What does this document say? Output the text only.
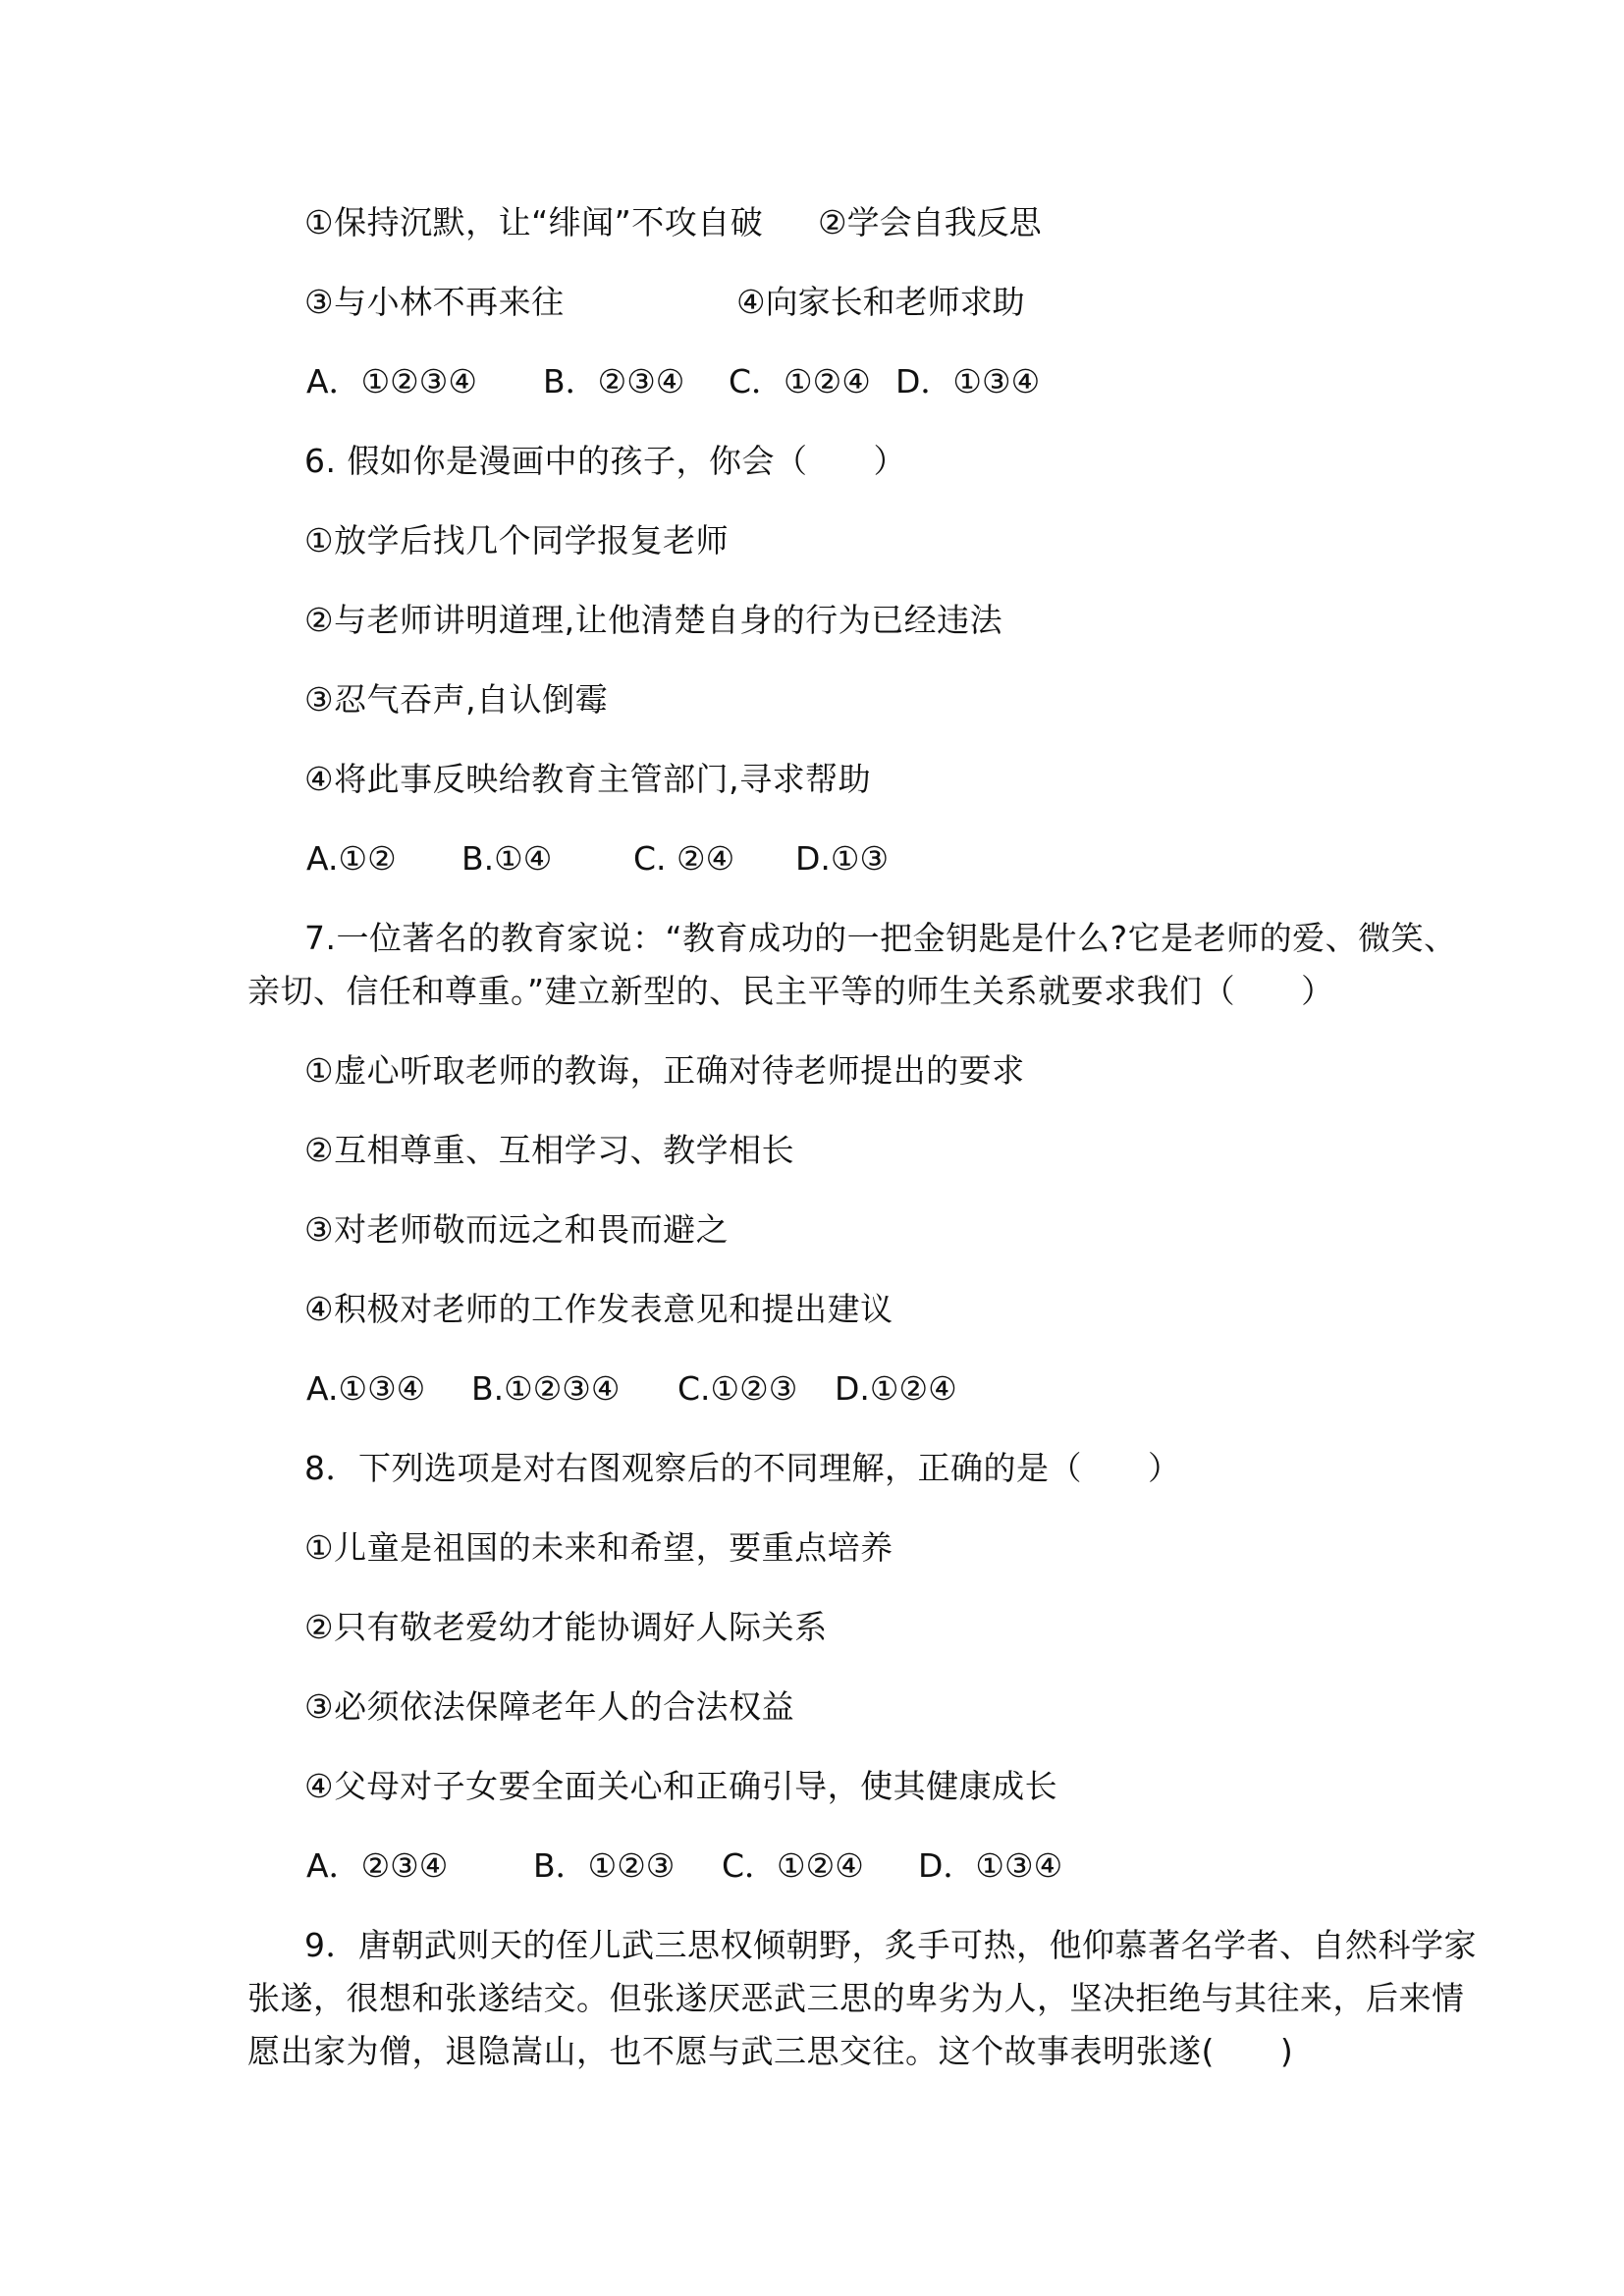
①保持沉默，让“绯闻”不攻自破 ②学会自我反思
③与小林不再来往	④向家长和老师求助
A．①②③④ B．②③④ C．①②④ D．①③④
6. 假如你是漫画中的孩子，你会（　　）
①放学后找几个同学报复老师
②与老师讲明道理,让他清楚自身的行为已经违法
③忍气吞声,自认倒霉
④将此事反映给教育主管部门,寻求帮助
A.①② B.①④	C. ②④ D.①③
7.一位著名的教育家说：“教育成功的一把金钥匙是什么?它是老师的爱、微笑、
亲切、信任和尊重。”建立新型的、民主平等的师生关系就要求我们（　　）
①虚心听取老师的教诲，正确对待老师提出的要求
②互相尊重、互相学习、教学相长
③对老师敬而远之和畏而避之
④积极对老师的工作发表意见和提出建议
A.①③④ B.①②③④ C.①②③ D.①②④
8．下列选项是对右图观察后的不同理解，正确的是（　　）
①儿童是祖国的未来和希望，要重点培养
②只有敬老爱幼才能协调好人际关系
③必须依法保障老年人的合法权益
④父母对子女要全面关心和正确引导，使其健康成长
A．②③④	B．①②③ C．①②④ D．①③④
9．唐朝武则天的侄儿武三思权倾朝野，炙手可热，他仰慕著名学者、自然科学家
张遂，很想和张遂结交。但张遂厌恶武三思的卑劣为人，坚决拒绝与其往来，后来情
愿出家为僧，退隐嵩山，也不愿与武三思交往。这个故事表明张遂(　　)
